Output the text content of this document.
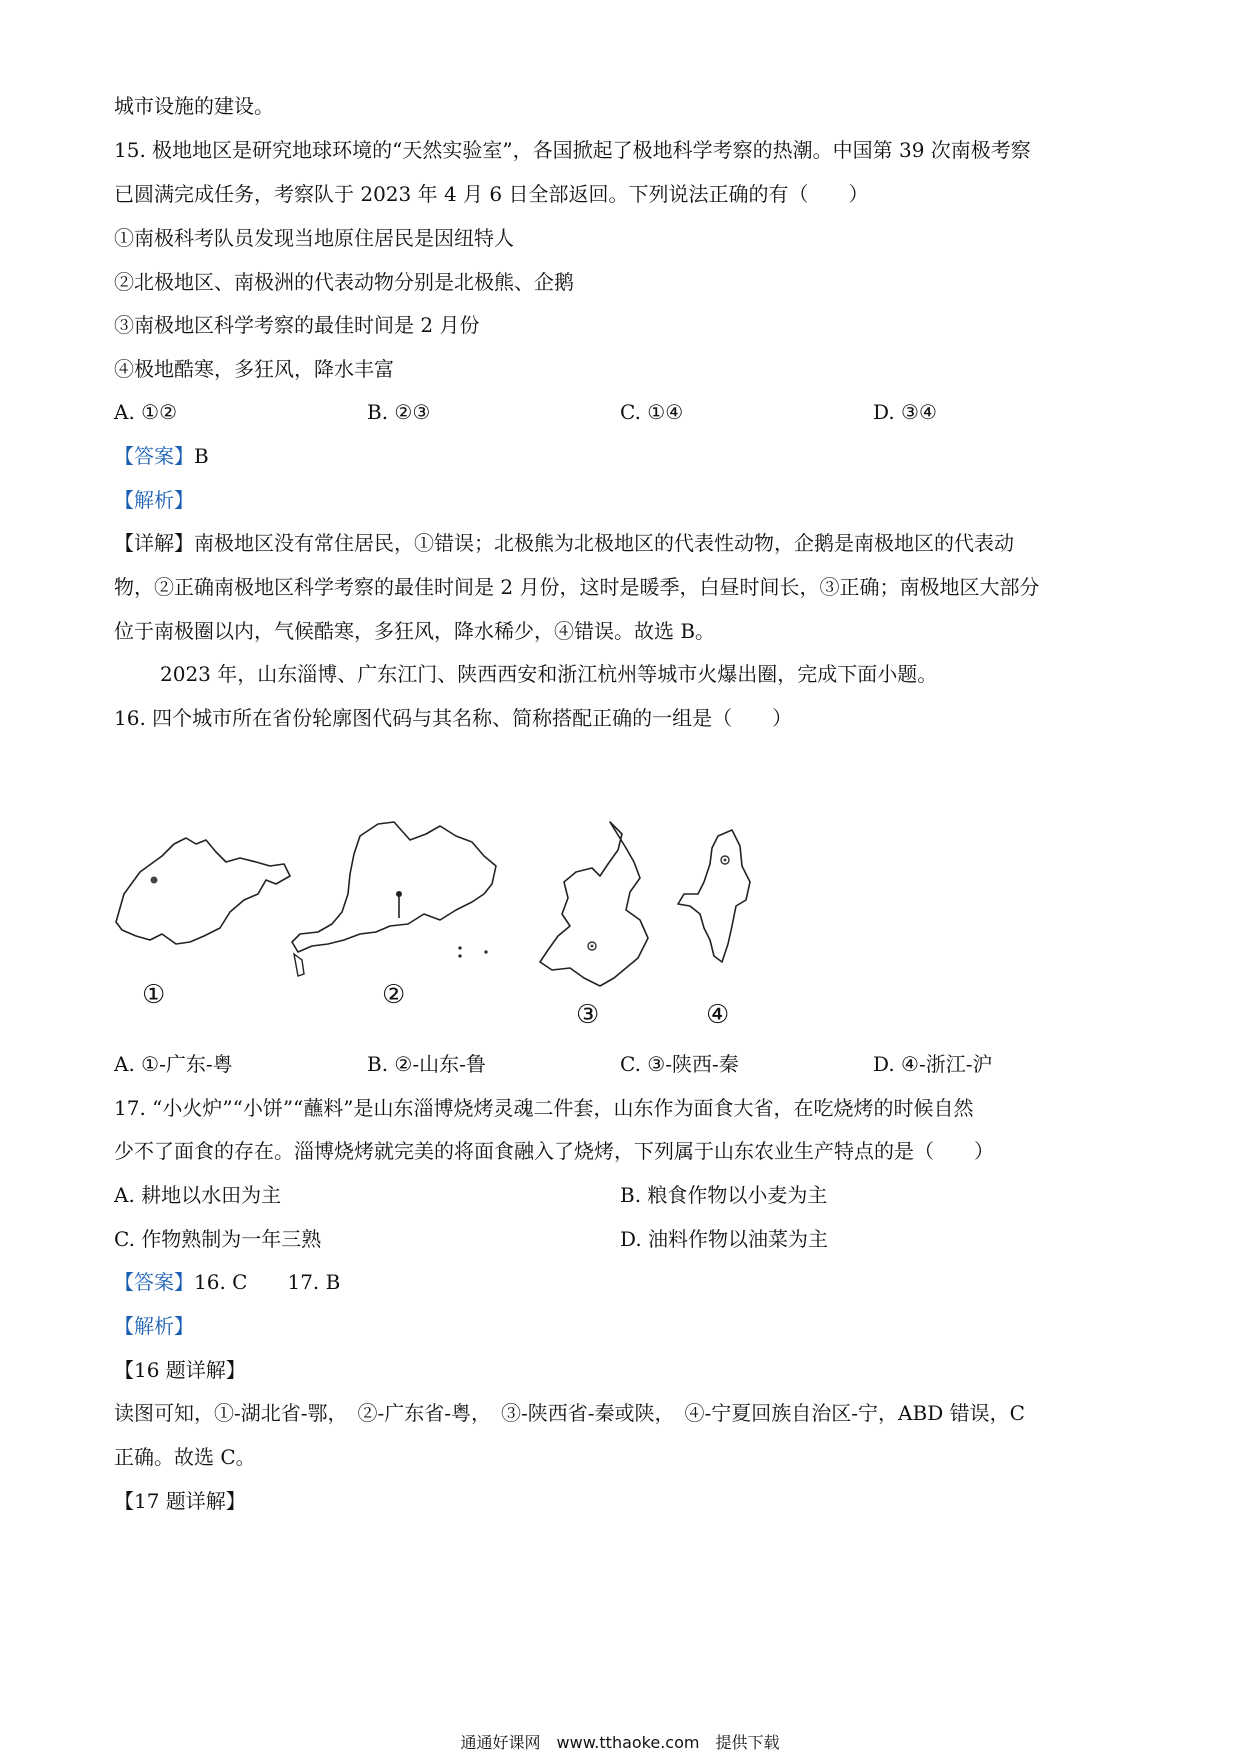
城市设施的建设。
15. 极地地区是研究地球环境的“天然实验室”，各国掀起了极地科学考察的热潮。中国第 39 次南极考察
已圆满完成任务，考察队于 2023 年 4 月 6 日全部返回。下列说法正确的有（　　）
①南极科考队员发现当地原住居民是因纽特人
②北极地区、南极洲的代表动物分别是北极熊、企鹅
③南极地区科学考察的最佳时间是 2 月份
④极地酷寒，多狂风，降水丰富
A. ①②	B. ②③	C. ①④	D. ③④
【答案】B
【解析】
【详解】南极地区没有常住居民，①错误；北极熊为北极地区的代表性动物，企鹅是南极地区的代表动
物，②正确南极地区科学考察的最佳时间是 2 月份，这时是暖季，白昼时间长，③正确；南极地区大部分
位于南极圈以内，气候酷寒，多狂风，降水稀少，④错误。故选 B。
2023 年，山东淄博、广东江门、陕西西安和浙江杭州等城市火爆出圈，完成下面小题。
16. 四个城市所在省份轮廓图代码与其名称、简称搭配正确的一组是（　　）
①	②
③	④
A. ①-广东-粤	B. ②-山东-鲁	C. ③-陕西-秦	D. ④-浙江-沪
17. “小火炉”“小饼”“蘸料”是山东淄博烧烤灵魂二件套，山东作为面食大省，在吃烧烤的时候自然
少不了面食的存在。淄博烧烤就完美的将面食融入了烧烤，下列属于山东农业生产特点的是（　　）
A. 耕地以水田为主	B. 粮食作物以小麦为主
C. 作物熟制为一年三熟	D. 油料作物以油菜为主
【答案】16. C 17. B
【解析】
【16 题详解】
读图可知，①-湖北省-鄂，　②-广东省-粤，　③-陕西省-秦或陕，　④-宁夏回族自治区-宁，ABD 错误，C
正确。故选 C。
【17 题详解】
通通好课网　www.tthaoke.com　提供下载
